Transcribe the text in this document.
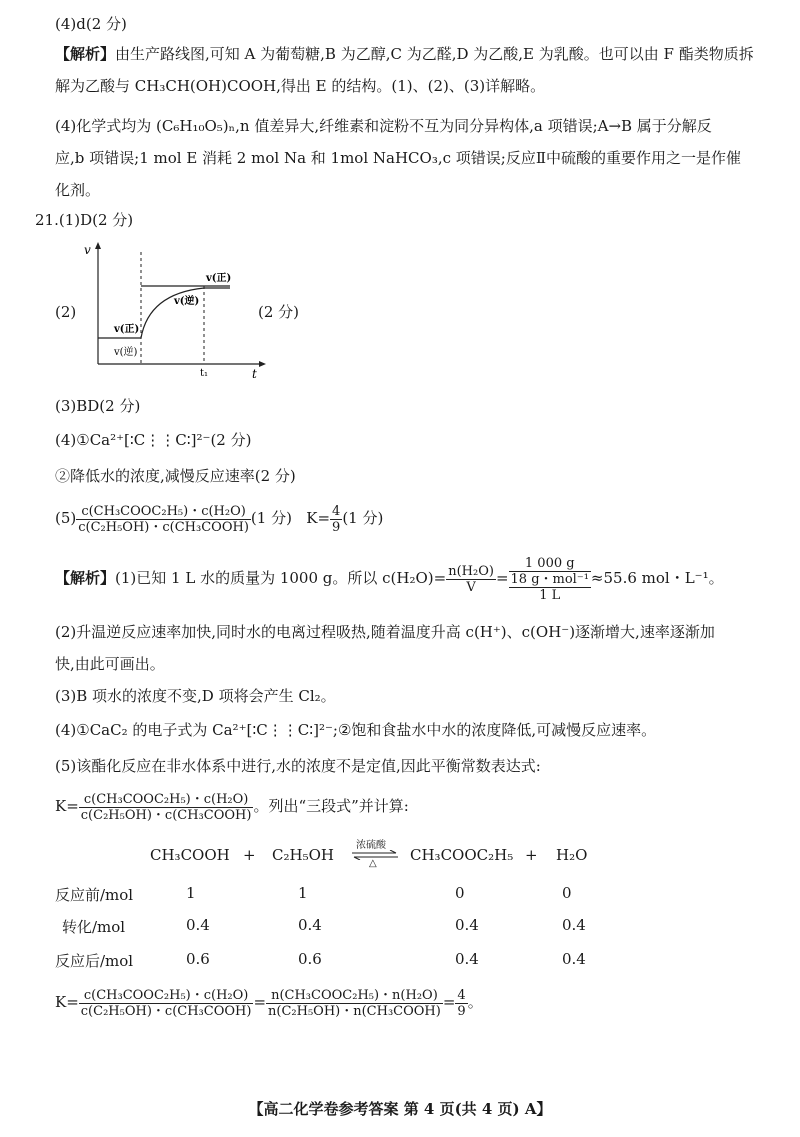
(4)d(2 分)
【解析】由生产路线图,可知 A 为葡萄糖,B 为乙醇,C 为乙醛,D 为乙酸,E 为乳酸。也可以由 F 酯类物质拆
解为乙酸与 CH₃CH(OH)COOH,得出 E 的结构。(1)、(2)、(3)详解略。
(4)化学式均为 (C₆H₁₀O₅)ₙ,n 值差异大,纤维素和淀粉不互为同分异构体,a 项错误;A→B 属于分解反
应,b 项错误;1 mol E 消耗 2 mol Na 和 1mol NaHCO₃,c 项错误;反应Ⅱ中硫酸的重要作用之一是作催
化剂。
21.(1)D(2 分)
(2)
v
t
t₁
v(正)
v(逆)
v(正)
v(逆)
(2 分)
(3)BD(2 分)
(4)①Ca²⁺[∶C⋮⋮C∶]²⁻(2 分)
②降低水的浓度,减慢反应速率(2 分)
$(5) \frac{\text{c(CH₃COOC₂H₅)・c(H₂O)}}{\text{c(C₂H₅OH)・c(CH₃COOH)}} (1$ 分) $K= \frac{4}{9} (1$ 分)
【解析】(1)已知 1 L 水的质量为 1000 g。所以 $c(H_2O)= \frac{\text{n(H₂O)}}{V}$ =
1 000 g
18 g・mol⁻¹
1 L
≈55.6 mol・L⁻¹。
(2)升温逆反应速率加快,同时水的电离过程吸热,随着温度升高 c(H⁺)、c(OH⁻)逐渐增大,速率逐渐加
快,由此可画出。
(3)B 项水的浓度不变,D 项将会产生 Cl₂。
(4)①CaC₂ 的电子式为 Ca²⁺[∶C⋮⋮C∶]²⁻;②饱和食盐水中水的浓度降低,可减慢反应速率。
(5)该酯化反应在非水体系中进行,水的浓度不是定值,因此平衡常数表达式:
$K= \frac{\text{c(CH₃COOC₂H₅)・c(H₂O)}}{\text{c(C₂H₅OH)・c(CH₃COOH)}}$ 。列出“三段式”并计算:
CH₃COOH + C₂H₅OH
浓硫酸
△ CH₃COOC₂H₅ + H₂O
反应前/mol	1	1	0	0
转化/mol	0.4	0.4	0.4	0.4
反应后/mol	0.6	0.6	0.4	0.4
$K= \frac{\text{c(CH₃COOC₂H₅)・c(H₂O)}}{\text{c(C₂H₅OH)・c(CH₃COOH)}} = \frac{\text{n(CH₃COOC₂H₅)・n(H₂O)}}{\text{n(C₂H₅OH)・n(CH₃COOH)}} = \frac{4}{9}$ 。
【高二化学卷参考答案 第 4 页(共 4 页) A】
